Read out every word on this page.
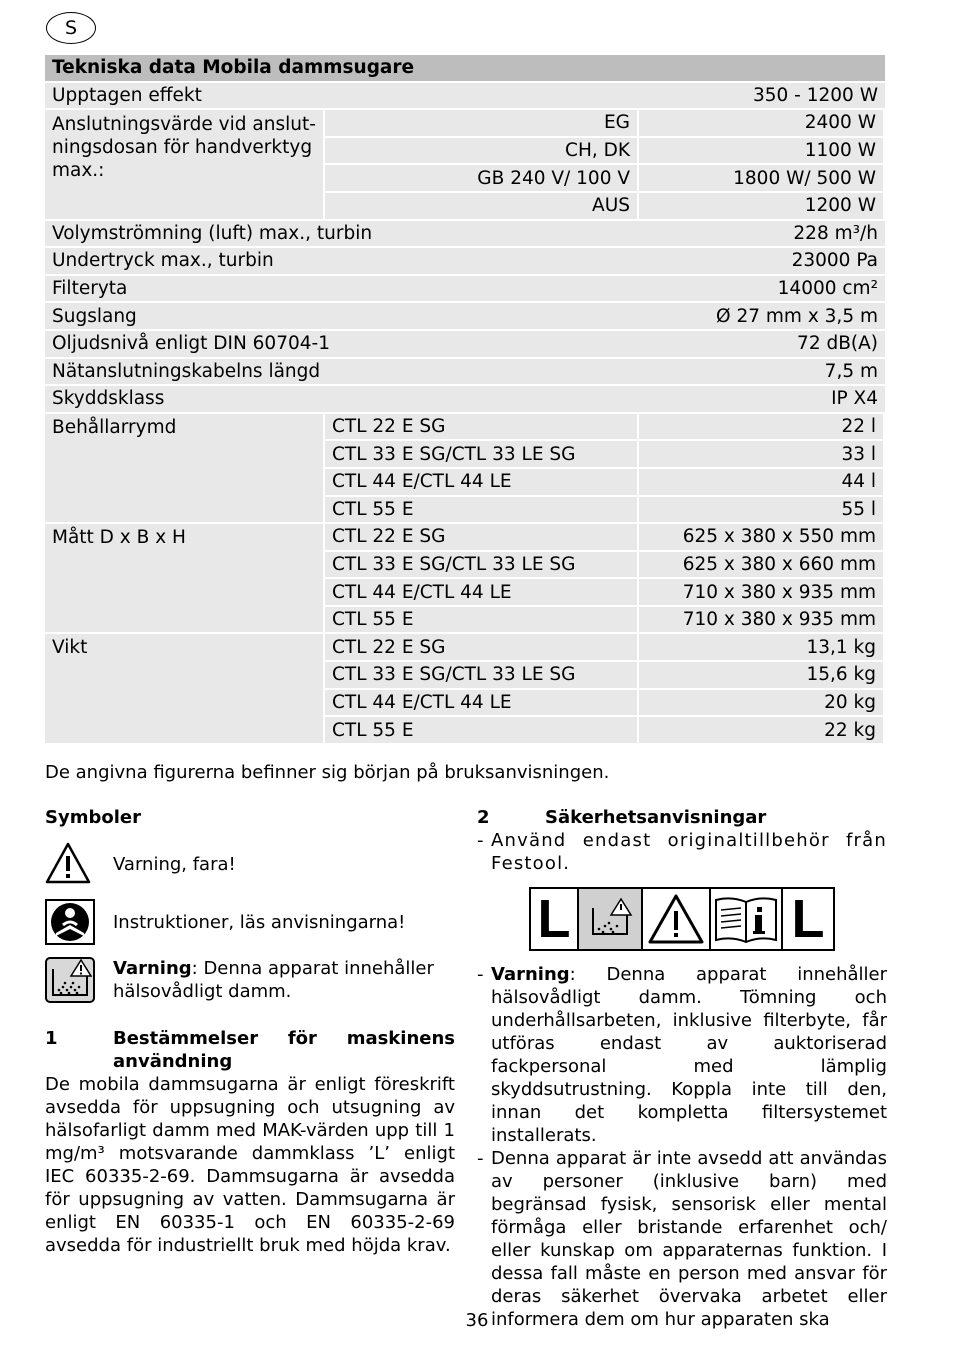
S
Tekniska data Mobila dammsugare
Upptagen effekt	350 - 1200 W
Anslutningsvärde vid anslut-
ningsdosan för handverktyg
max.:
EG	2400 W
CH, DK	1100 W
GB 240 V/ 100 V	1800 W/ 500 W
AUS	1200 W
Volymströmning (luft) max., turbin	228 m³/h
Undertryck max., turbin	23000 Pa
Filteryta	14000 cm²
Sugslang	Ø 27 mm x 3,5 m
Oljudsnivå enligt DIN 60704-1	72 dB(A)
Nätanslutningskabelns längd	7,5 m
Skyddsklass	IP X4
Behållarrymd	CTL 22 E SG	22 l
CTL 33 E SG/CTL 33 LE SG	33 l
CTL 44 E/CTL 44 LE	44 l
CTL 55 E	55 l
Mått D x B x H	CTL 22 E SG	625 x 380 x 550 mm
CTL 33 E SG/CTL 33 LE SG	625 x 380 x 660 mm
CTL 44 E/CTL 44 LE	710 x 380 x 935 mm
CTL 55 E	710 x 380 x 935 mm
Vikt	CTL 22 E SG	13,1 kg
CTL 33 E SG/CTL 33 LE SG	15,6 kg
CTL 44 E/CTL 44 LE	20 kg
CTL 55 E	22 kg
De angivna figurerna befinner sig början på bruksanvisningen.
Symboler
Varning, fara!
Instruktioner, läs anvisningarna!
Varning: Denna apparat innehåller hälsovådligt damm.
1	Bestämmelser för maskinens användning
De mobila dammsugarna är enligt föreskrift avsedda för uppsugning och utsugning av hälsofarligt damm med MAK-värden upp till 1 mg/m³ motsvarande dammklass ’L’ enligt IEC 60335-2-69. Dammsugarna är avsedda för uppsugning av vatten. Dammsugarna är enligt EN 60335-1 och EN 60335-2-69 avsedda för industriellt bruk med höjda krav.
2	Säkerhetsanvisningar
- Använd endast originaltillbehör från Festool.
L	L
- Varning: Denna apparat innehåller hälsovådligt damm. Tömning och underhållsarbeten, inklusive filterbyte, får utföras endast av auktoriserad fackpersonal med lämplig skyddsutrustning. Koppla inte till den, innan det kompletta filtersystemet installerats.
- Denna apparat är inte avsedd att användas av personer (inklusive barn) med begränsad fysisk, sensorisk eller mental förmåga eller bristande erfarenhet och/ eller kunskap om apparaternas funktion. I dessa fall måste en person med ansvar för deras säkerhet övervaka arbetet eller informera dem om hur apparaten ska
36
